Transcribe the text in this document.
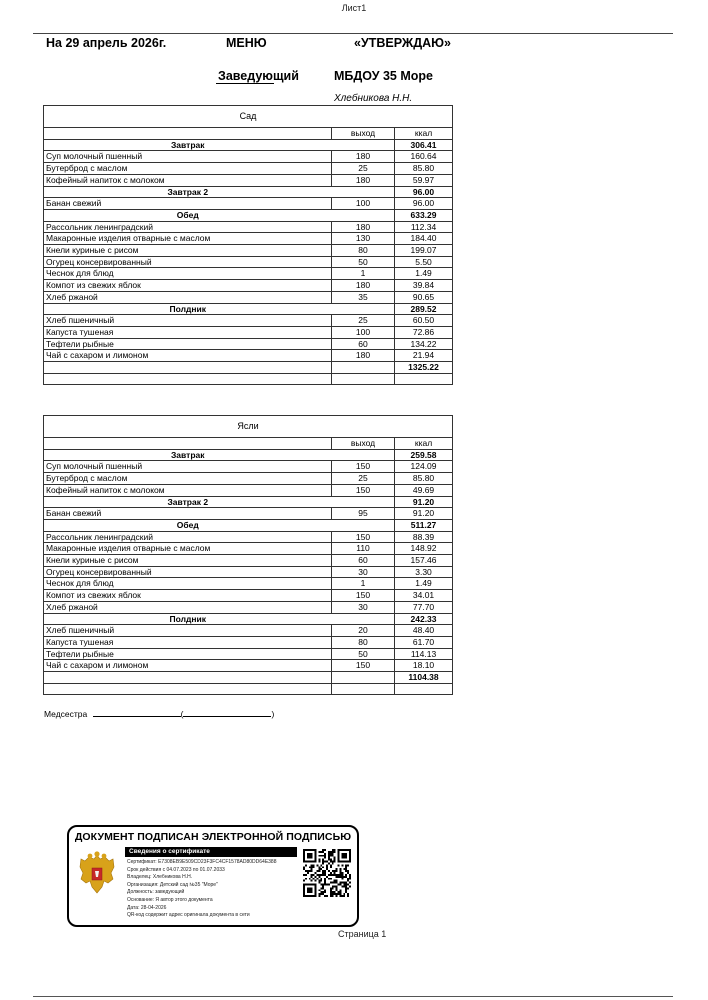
Лист1
На 29 апрель 2026г.	МЕНЮ	«УТВЕРЖДАЮ»
Заведующий	МБДОУ 35 Море
Хлебникова Н.Н.
Сад		
	выход	ккал
Завтрак		306.41
Суп молочный пшенный	180	160.64
Бутерброд с маслом	25	85.80
Кофейный напиток с молоком	180	59.97
Завтрак 2		96.00
Банан свежий	100	96.00
Обед		633.29
Рассольник ленинградский	180	112.34
Макаронные изделия отварные с маслом	130	184.40
Кнели куриные с рисом	80	199.07
Огурец консервированный	50	5.50
Чеснок для блюд	1	1.49
Компот из свежих яблок	180	39.84
Хлеб ржаной	35	90.65
Полдник		289.52
Хлеб пшеничный	25	60.50
Капуста тушеная	100	72.86
Тефтели рыбные	60	134.22
Чай с сахаром и лимоном	180	21.94
		1325.22

Ясли		
	выход	ккал
Завтрак		259.58
Суп молочный пшенный	150	124.09
Бутерброд с маслом	25	85.80
Кофейный напиток с молоком	150	49.69
Завтрак 2		91.20
Банан свежий	95	91.20
Обед		511.27
Рассольник ленинградский	150	88.39
Макаронные изделия отварные с маслом	110	148.92
Кнели куриные с рисом	60	157.46
Огурец консервированный	30	3.30
Чеснок для блюд	1	1.49
Компот из свежих яблок	150	34.01
Хлеб ржаной	30	77.70
Полдник		242.33
Хлеб пшеничный	20	48.40
Капуста тушеная	80	61.70
Тефтели рыбные	50	114.13
Чай с сахаром и лимоном	150	18.10
		1104.38

Медсестра	(	)
ДОКУМЕНТ ПОДПИСАН ЭЛЕКТРОННОЙ ПОДПИСЬЮ
Сведения о сертификате
Сертификат: E7308EB9E509CD23F3FC4CF1578AD80DD64E388
Срок действия с 04.07.2023 по 01.07.2033
Владелец: Хлебникова Н.Н.
Организация: Детский сад №35 "Море"
Должность: заведующий
Основание: Я автор этого документа
Дата: 28-04-2026
QR-код содержит адрес оригинала документа в сети
Страница 1
